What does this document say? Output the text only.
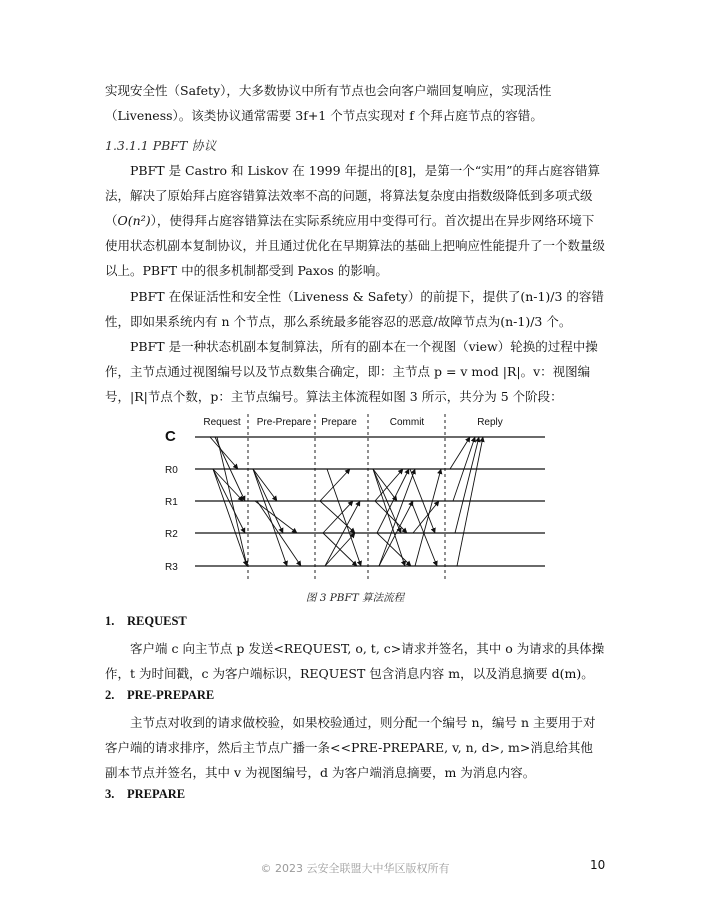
实现安全性（Safety），大多数协议中所有节点也会向客户端回复响应，实现活性（Liveness）。该类协议通常需要 3f+1 个节点实现对 f 个拜占庭节点的容错。

1.3.1.1 PBFT 协议

PBFT 是 Castro 和 Liskov 在 1999 年提出的[8]，是第一个“实用”的拜占庭容错算法，解决了原始拜占庭容错算法效率不高的问题，将算法复杂度由指数级降低到多项式级（O(n²)），使得拜占庭容错算法在实际系统应用中变得可行。首次提出在异步网络环境下使用状态机副本复制协议，并且通过优化在早期算法的基础上把响应性能提升了一个数量级以上。PBFT 中的很多机制都受到 Paxos 的影响。

PBFT 在保证活性和安全性（Liveness & Safety）的前提下，提供了(n-1)/3 的容错性，即如果系统内有 n 个节点，那么系统最多能容忍的恶意/故障节点为(n-1)/3 个。

PBFT 是一种状态机副本复制算法，所有的副本在一个视图（view）轮换的过程中操作，主节点通过视图编号以及节点数集合确定，即：主节点 p = v mod |R|。v：视图编号，|R|节点个数，p：主节点编号。算法主体流程如图 3 所示，共分为 5 个阶段：

Request Pre-Prepare Prepare	Commit	Reply
C
R0
R1
R2
R3
图 3 PBFT 算法流程
1. REQUEST

客户端 c 向主节点 p 发送<REQUEST, o, t, c>请求并签名，其中 o 为请求的具体操作，t 为时间戳，c 为客户端标识，REQUEST 包含消息内容 m，以及消息摘要 d(m)。

2. PRE-PREPARE

主节点对收到的请求做校验，如果校验通过，则分配一个编号 n，编号 n 主要用于对客户端的请求排序，然后主节点广播一条<<PRE-PREPARE, v, n, d>, m>消息给其他副本节点并签名，其中 v 为视图编号，d 为客户端消息摘要，m 为消息内容。

3. PREPARE
© 2023 云安全联盟大中华区版权所有	10
